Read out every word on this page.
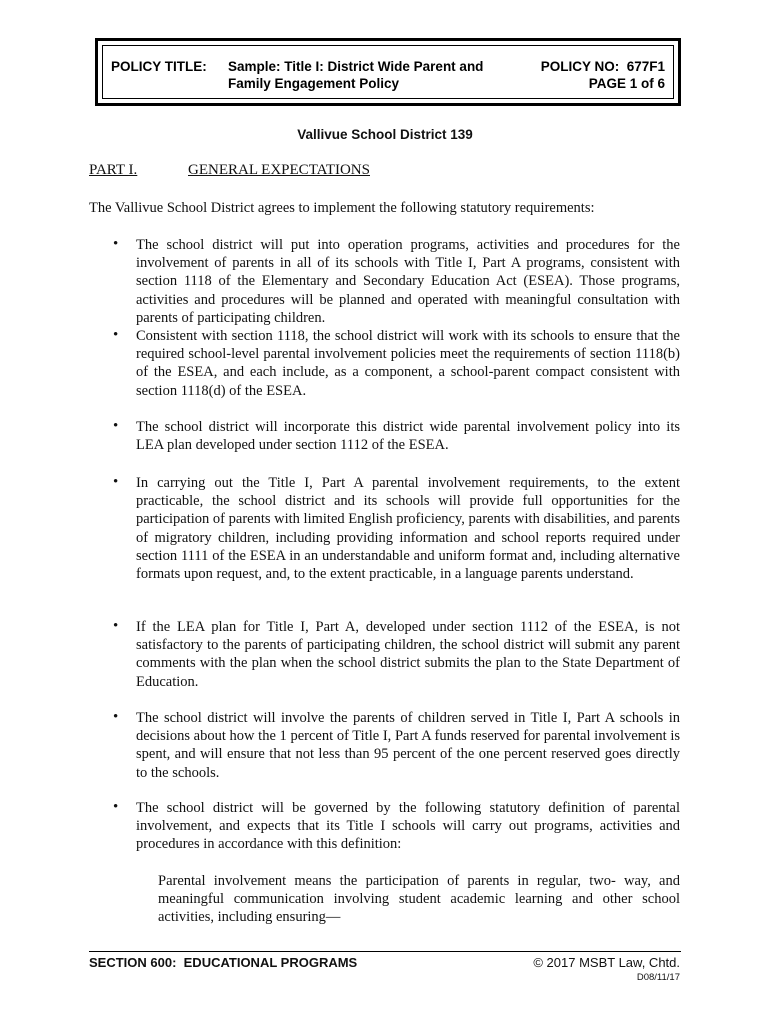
POLICY TITLE: Sample: Title I: District Wide Parent and
Family Engagement Policy
POLICY NO:  677F1
PAGE 1 of 6
Vallivue School District 139
PART I.	GENERAL EXPECTATIONS
The Vallivue School District agrees to implement the following statutory requirements:
• The school district will put into operation programs, activities and procedures for the involvement of parents in all of its schools with Title I, Part A programs, consistent with section 1118 of the Elementary and Secondary Education Act (ESEA). Those programs, activities and procedures will be planned and operated with meaningful consultation with parents of participating children.
• Consistent with section 1118, the school district will work with its schools to ensure that the required school-level parental involvement policies meet the requirements of section 1118(b) of the ESEA, and each include, as a component, a school-parent compact consistent with section 1118(d) of the ESEA.
• The school district will incorporate this district wide parental involvement policy into its LEA plan developed under section 1112 of the ESEA.
• In carrying out the Title I, Part A parental involvement requirements, to the extent practicable, the school district and its schools will provide full opportunities for the participation of parents with limited English proficiency, parents with disabilities, and parents of migratory children, including providing information and school reports required under section 1111 of the ESEA in an understandable and uniform format and, including alternative formats upon request, and, to the extent practicable, in a language parents understand.
• If the LEA plan for Title I, Part A, developed under section 1112 of the ESEA, is not satisfactory to the parents of participating children, the school district will submit any parent comments with the plan when the school district submits the plan to the State Department of Education.
• The school district will involve the parents of children served in Title I, Part A schools in decisions about how the 1 percent of Title I, Part A funds reserved for parental involvement is spent, and will ensure that not less than 95 percent of the one percent reserved goes directly to the schools.
• The school district will be governed by the following statutory definition of parental involvement, and expects that its Title I schools will carry out programs, activities and procedures in accordance with this definition:
Parental involvement means the participation of parents in regular, two- way, and meaningful communication involving student academic learning and other school activities, including ensuring—
SECTION 600:  EDUCATIONAL PROGRAMS	© 2017 MSBT Law, Chtd.
D08/11/17
